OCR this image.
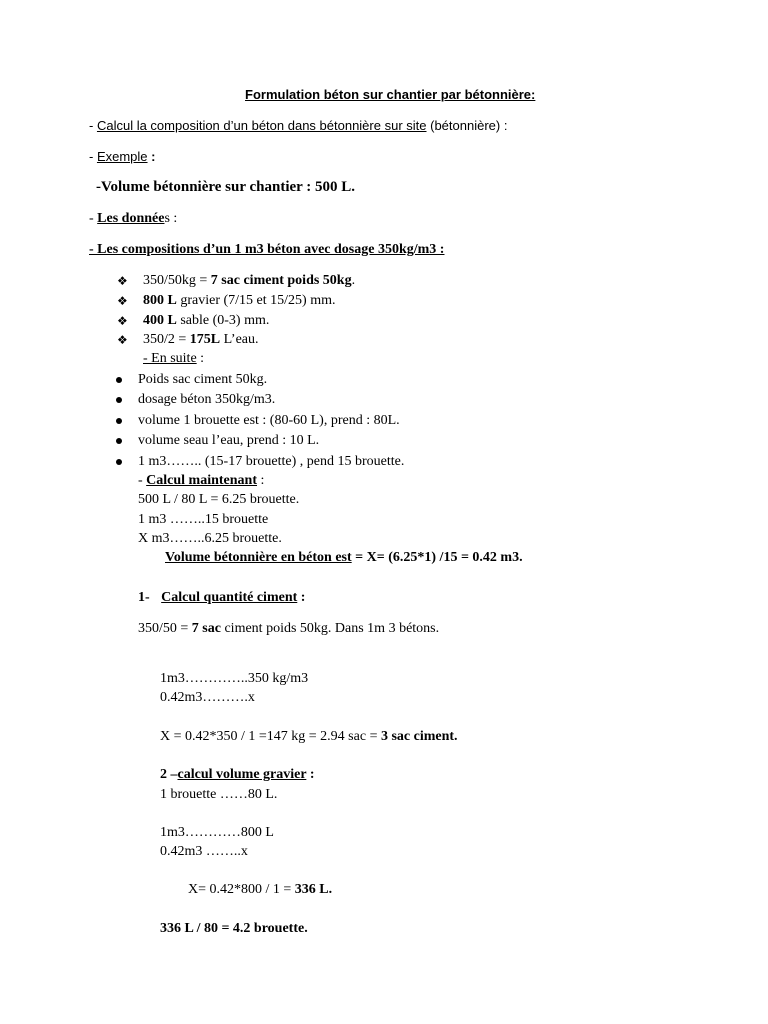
Formulation béton sur chantier par bétonnière:
- Calcul la composition d’un béton dans bétonnière sur site (bétonnière) :
- Exemple :
-Volume bétonnière sur chantier : 500 L.
- Les données :
- Les compositions d’un 1 m3 béton avec dosage 350kg/m3 :
❖ 350/50kg = 7 sac ciment poids 50kg.
❖ 800 L gravier (7/15 et 15/25) mm.
❖ 400 L sable (0-3) mm.
❖ 350/2 = 175L L’eau.
- En suite :
Poids sac ciment 50kg.
dosage béton 350kg/m3.
volume 1 brouette est : (80-60 L), prend : 80L.
volume seau l’eau, prend : 10 L.
1 m3…….. (15-17 brouette) , pend 15 brouette.
- Calcul maintenant :
500 L / 80 L = 6.25 brouette.
1 m3 ……..15 brouette
X m3……..6.25 brouette.
Volume bétonnière en béton est = X= (6.25*1) /15 = 0.42 m3.
1- Calcul quantité ciment :
350/50 = 7 sac ciment poids 50kg. Dans 1m 3 bétons.
1m3…………..350 kg/m3
0.42m3……….x
X = 0.42*350 / 1 =147 kg = 2.94 sac = 3 sac ciment.
2 –calcul volume gravier :
1 brouette ……80 L.
1m3…………800 L
0.42m3 ……..x
X= 0.42*800 / 1 = 336 L.
336 L / 80 = 4.2 brouette.
